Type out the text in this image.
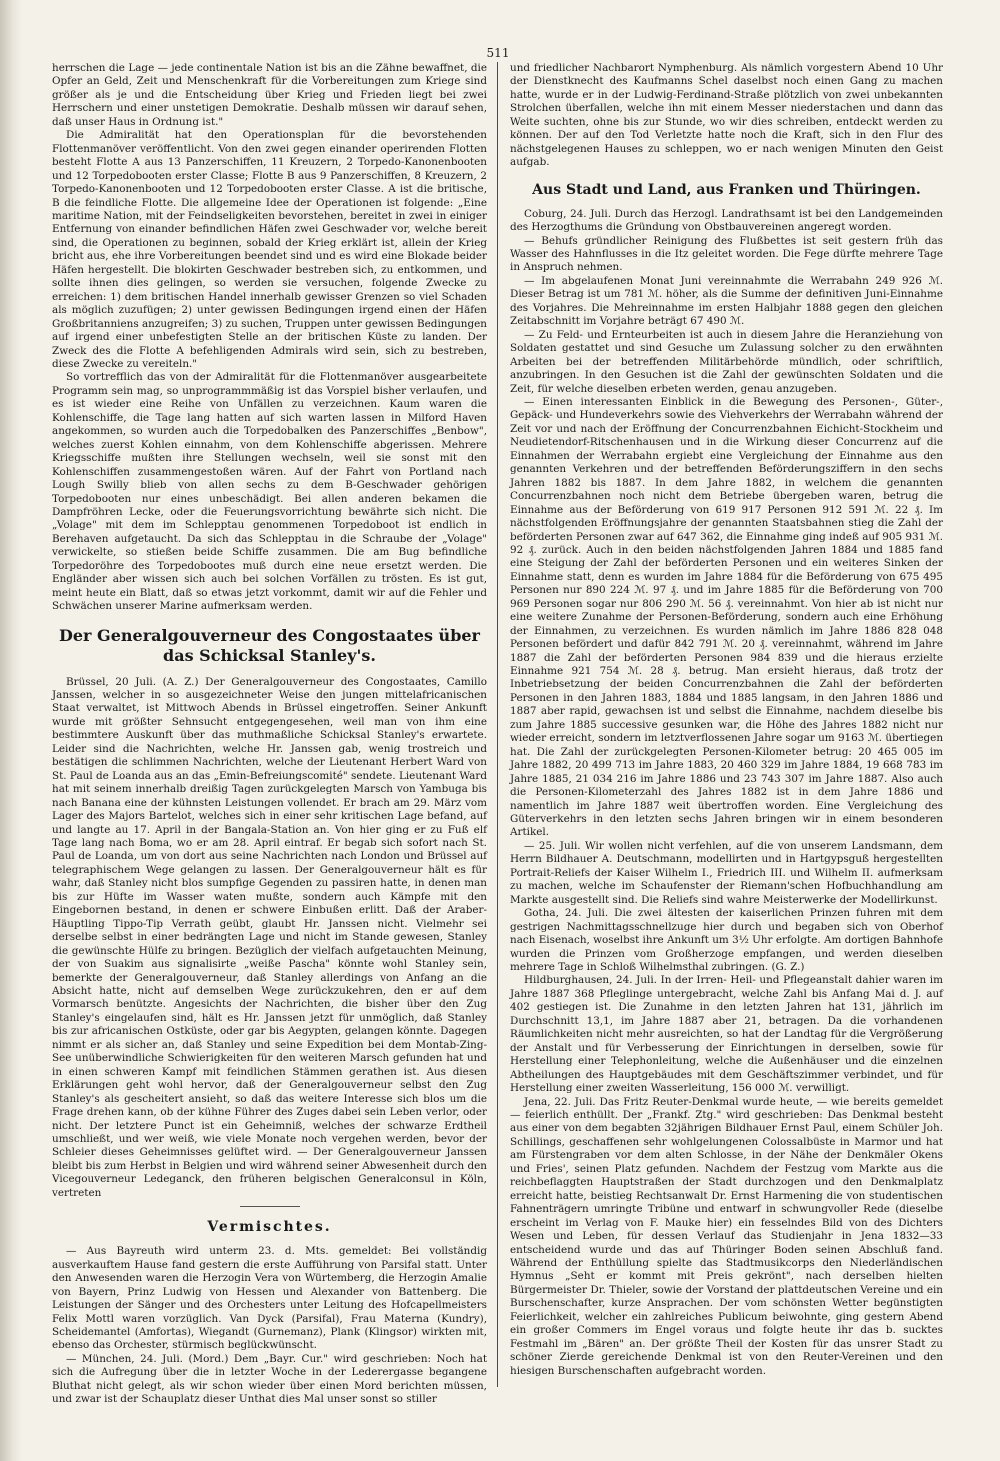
511

herrschen die Lage — jede continentale Nation ist bis an die Zähne bewaffnet, die Opfer an Geld, Zeit und Menschenkraft für die Vorbereitungen zum Kriege sind größer als je und die Entscheidung über Krieg und Frieden liegt bei zwei Herrschern und einer unstetigen Demokratie. Deshalb müssen wir darauf sehen, daß unser Haus in Ordnung ist."

Die Admiralität hat den Operationsplan für die bevorstehenden Flottenmanöver veröffentlicht. Von den zwei gegen einander operirenden Flotten besteht Flotte A aus 13 Panzerschiffen, 11 Kreuzern, 2 Torpedo-Kanonenbooten und 12 Torpedobooten erster Classe; Flotte B aus 9 Panzerschiffen, 8 Kreuzern, 2 Torpedo-Kanonenbooten und 12 Torpedobooten erster Classe. A ist die britische, B die feindliche Flotte. Die allgemeine Idee der Operationen ist folgende: „Eine maritime Nation, mit der Feindseligkeiten bevorstehen, bereitet in zwei in einiger Entfernung von einander befindlichen Häfen zwei Geschwader vor, welche bereit sind, die Operationen zu beginnen, sobald der Krieg erklärt ist, allein der Krieg bricht aus, ehe ihre Vorbereitungen beendet sind und es wird eine Blokade beider Häfen hergestellt. Die blokirten Geschwader bestreben sich, zu entkommen, und sollte ihnen dies gelingen, so werden sie versuchen, folgende Zwecke zu erreichen: 1) dem britischen Handel innerhalb gewisser Grenzen so viel Schaden als möglich zuzufügen; 2) unter gewissen Bedingungen irgend einen der Häfen Großbritanniens anzugreifen; 3) zu suchen, Truppen unter gewissen Bedingungen auf irgend einer unbefestigten Stelle an der britischen Küste zu landen. Der Zweck des die Flotte A befehligenden Admirals wird sein, sich zu bestreben, diese Zwecke zu vereiteln."

So vortrefflich das von der Admiralität für die Flottenmanöver ausgearbeitete Programm sein mag, so unprogrammmäßig ist das Vorspiel bisher verlaufen, und es ist wieder eine Reihe von Unfällen zu verzeichnen. Kaum waren die Kohlenschiffe, die Tage lang hatten auf sich warten lassen in Milford Haven angekommen, so wurden auch die Torpedobalken des Panzerschiffes „Benbow", welches zuerst Kohlen einnahm, von dem Kohlenschiffe abgerissen. Mehrere Kriegsschiffe mußten ihre Stellungen wechseln, weil sie sonst mit den Kohlenschiffen zusammengestoßen wären. Auf der Fahrt von Portland nach Lough Swilly blieb von allen sechs zu dem B-Geschwader gehörigen Torpedobooten nur eines unbeschädigt. Bei allen anderen bekamen die Dampfröhren Lecke, oder die Feuerungsvorrichtung bewährte sich nicht. Die „Volage" mit dem im Schlepptau genommenen Torpedoboot ist endlich in Berehaven aufgetaucht. Da sich das Schlepptau in die Schraube der „Volage" verwickelte, so stießen beide Schiffe zusammen. Die am Bug befindliche Torpedoröhre des Torpedobootes muß durch eine neue ersetzt werden. Die Engländer aber wissen sich auch bei solchen Vorfällen zu trösten. Es ist gut, meint heute ein Blatt, daß so etwas jetzt vorkommt, damit wir auf die Fehler und Schwächen unserer Marine aufmerksam werden.

Der Generalgouverneur des Congostaates über das Schicksal Stanley's.

Brüssel, 20 Juli. (A. Z.) Der Generalgouverneur des Congostaates, Camillo Janssen, welcher in so ausgezeichneter Weise den jungen mittelafricanischen Staat verwaltet, ist Mittwoch Abends in Brüssel eingetroffen. Seiner Ankunft wurde mit größter Sehnsucht entgegengesehen, weil man von ihm eine bestimmtere Auskunft über das muthmaßliche Schicksal Stanley's erwartete. Leider sind die Nachrichten, welche Hr. Janssen gab, wenig trostreich und bestätigen die schlimmen Nachrichten, welche der Lieutenant Herbert Ward von St. Paul de Loanda aus an das „Emin-Befreiungscomité" sendete. Lieutenant Ward hat mit seinem innerhalb dreißig Tagen zurückgelegten Marsch von Yambuga bis nach Banana eine der kühnsten Leistungen vollendet. Er brach am 29. März vom Lager des Majors Bartelot, welches sich in einer sehr kritischen Lage befand, auf und langte au 17. April in der Bangala-Station an. Von hier ging er zu Fuß elf Tage lang nach Boma, wo er am 28. April eintraf. Er begab sich sofort nach St. Paul de Loanda, um von dort aus seine Nachrichten nach London und Brüssel auf telegraphischem Wege gelangen zu lassen. Der Generalgouverneur hält es für wahr, daß Stanley nicht blos sumpfige Gegenden zu passiren hatte, in denen man bis zur Hüfte im Wasser waten mußte, sondern auch Kämpfe mit den Eingebornen bestand, in denen er schwere Einbußen erlitt. Daß der Araber-Häuptling Tippo-Tip Verrath geübt, glaubt Hr. Janssen nicht. Vielmehr sei derselbe selbst in einer bedrängten Lage und nicht im Stande gewesen, Stanley die gewünschte Hülfe zu bringen. Bezüglich der vielfach aufgetauchten Meinung, der von Suakim aus signalisirte „weiße Pascha" könnte wohl Stanley sein, bemerkte der Generalgouverneur, daß Stanley allerdings von Anfang an die Absicht hatte, nicht auf demselben Wege zurückzukehren, den er auf dem Vormarsch benützte. Angesichts der Nachrichten, die bisher über den Zug Stanley's eingelaufen sind, hält es Hr. Janssen jetzt für unmöglich, daß Stanley bis zur africanischen Ostküste, oder gar bis Aegypten, gelangen könnte. Dagegen nimmt er als sicher an, daß Stanley und seine Expedition bei dem Montab-Zing-See unüberwindliche Schwierigkeiten für den weiteren Marsch gefunden hat und in einen schweren Kampf mit feindlichen Stämmen gerathen ist. Aus diesen Erklärungen geht wohl hervor, daß der Generalgouverneur selbst den Zug Stanley's als gescheitert ansieht, so daß das weitere Interesse sich blos um die Frage drehen kann, ob der kühne Führer des Zuges dabei sein Leben verlor, oder nicht. Der letztere Punct ist ein Geheimniß, welches der schwarze Erdtheil umschließt, und wer weiß, wie viele Monate noch vergehen werden, bevor der Schleier dieses Geheimnisses gelüftet wird. — Der Generalgouverneur Janssen bleibt bis zum Herbst in Belgien und wird während seiner Abwesenheit durch den Vicegouverneur Ledeganck, den früheren belgischen Generalconsul in Köln, vertreten

Vermischtes.

— Aus Bayreuth wird unterm 23. d. Mts. gemeldet: Bei vollständig ausverkauftem Hause fand gestern die erste Aufführung von Parsifal statt. Unter den Anwesenden waren die Herzogin Vera von Würtemberg, die Herzogin Amalie von Bayern, Prinz Ludwig von Hessen und Alexander von Battenberg. Die Leistungen der Sänger und des Orchesters unter Leitung des Hofcapellmeisters Felix Mottl waren vorzüglich. Van Dyck (Parsifal), Frau Materna (Kundry), Scheidemantel (Amfortas), Wiegandt (Gurnemanz), Plank (Klingsor) wirkten mit, ebenso das Orchester, stürmisch beglückwünscht.

— München, 24. Juli. (Mord.) Dem „Bayr. Cur." wird geschrieben: Noch hat sich die Aufregung über die in letzter Woche in der Lederergasse begangene Bluthat nicht gelegt, als wir schon wieder über einen Mord berichten müssen, und zwar ist der Schauplatz dieser Unthat dies Mal unser sonst so stiller

und friedlicher Nachbarort Nymphenburg. Als nämlich vorgestern Abend 10 Uhr der Dienstknecht des Kaufmanns Schel daselbst noch einen Gang zu machen hatte, wurde er in der Ludwig-Ferdinand-Straße plötzlich von zwei unbekannten Strolchen überfallen, welche ihn mit einem Messer niederstachen und dann das Weite suchten, ohne bis zur Stunde, wo wir dies schreiben, entdeckt werden zu können. Der auf den Tod Verletzte hatte noch die Kraft, sich in den Flur des nächstgelegenen Hauses zu schleppen, wo er nach wenigen Minuten den Geist aufgab.

Aus Stadt und Land, aus Franken und Thüringen.

Coburg, 24. Juli. Durch das Herzogl. Landrathsamt ist bei den Landgemeinden des Herzogthums die Gründung von Obstbauvereinen angeregt worden.

— Behufs gründlicher Reinigung des Flußbettes ist seit gestern früh das Wasser des Hahnflusses in die Itz geleitet worden. Die Fege dürfte mehrere Tage in Anspruch nehmen.

— Im abgelaufenen Monat Juni vereinnahmte die Werrabahn 249 926 ℳ. Dieser Betrag ist um 781 ℳ. höher, als die Summe der definitiven Juni-Einnahme des Vorjahres. Die Mehreinnahme im ersten Halbjahr 1888 gegen den gleichen Zeitabschnitt im Vorjahre beträgt 67 490 ℳ.

— Zu Feld- und Ernteurbeiten ist auch in diesem Jahre die Heranziehung von Soldaten gestattet und sind Gesuche um Zulassung solcher zu den erwähnten Arbeiten bei der betreffenden Militärbehörde mündlich, oder schriftlich, anzubringen. In den Gesuchen ist die Zahl der gewünschten Soldaten und die Zeit, für welche dieselben erbeten werden, genau anzugeben.

— Einen interessanten Einblick in die Bewegung des Personen-, Güter-, Gepäck- und Hundeverkehrs sowie des Viehverkehrs der Werrabahn während der Zeit vor und nach der Eröffnung der Concurrenzbahnen Eichicht-Stockheim und Neudietendorf-Ritschenhausen und in die Wirkung dieser Concurrenz auf die Einnahmen der Werrabahn ergiebt eine Vergleichung der Einnahme aus den genannten Verkehren und der betreffenden Beförderungsziffern in den sechs Jahren 1882 bis 1887. In dem Jahre 1882, in welchem die genannten Concurrenzbahnen noch nicht dem Betriebe übergeben waren, betrug die Einnahme aus der Beförderung von 619 917 Personen 912 591 ℳ. 22 ₰. Im nächstfolgenden Eröffnungsjahre der genannten Staatsbahnen stieg die Zahl der beförderten Personen zwar auf 647 362, die Einnahme ging indeß auf 905 931 ℳ. 92 ₰. zurück. Auch in den beiden nächstfolgenden Jahren 1884 und 1885 fand eine Steigung der Zahl der beförderten Personen und ein weiteres Sinken der Einnahme statt, denn es wurden im Jahre 1884 für die Beförderung von 675 495 Personen nur 890 224 ℳ. 97 ₰. und im Jahre 1885 für die Beförderung von 700 969 Personen sogar nur 806 290 ℳ. 56 ₰. vereinnahmt. Von hier ab ist nicht nur eine weitere Zunahme der Personen-Beförderung, sondern auch eine Erhöhung der Einnahmen, zu verzeichnen. Es wurden nämlich im Jahre 1886 828 048 Personen befördert und dafür 842 791 ℳ. 20 ₰. vereinnahmt, während im Jahre 1887 die Zahl der beförderten Personen 984 839 und die hieraus erzielte Einnahme 921 754 ℳ. 28 ₰. betrug. Man ersieht hieraus, daß trotz der Inbetriebsetzung der beiden Concurrenzbahnen die Zahl der beförderten Personen in den Jahren 1883, 1884 und 1885 langsam, in den Jahren 1886 und 1887 aber rapid, gewachsen ist und selbst die Einnahme, nachdem dieselbe bis zum Jahre 1885 successive gesunken war, die Höhe des Jahres 1882 nicht nur wieder erreicht, sondern im letztverflossenen Jahre sogar um 9163 ℳ. übertiegen hat. Die Zahl der zurückgelegten Personen-Kilometer betrug: 20 465 005 im Jahre 1882, 20 499 713 im Jahre 1883, 20 460 329 im Jahre 1884, 19 668 783 im Jahre 1885, 21 034 216 im Jahre 1886 und 23 743 307 im Jahre 1887. Also auch die Personen-Kilometerzahl des Jahres 1882 ist in dem Jahre 1886 und namentlich im Jahre 1887 weit übertroffen worden. Eine Vergleichung des Güterverkehrs in den letzten sechs Jahren bringen wir in einem besonderen Artikel.

— 25. Juli. Wir wollen nicht verfehlen, auf die von unserem Landsmann, dem Herrn Bildhauer A. Deutschmann, modellirten und in Hartgypsguß hergestellten Portrait-Reliefs der Kaiser Wilhelm I., Friedrich III. und Wilhelm II. aufmerksam zu machen, welche im Schaufenster der Riemann'schen Hofbuchhandlung am Markte ausgestellt sind. Die Reliefs sind wahre Meisterwerke der Modellirkunst.

Gotha, 24. Juli. Die zwei ältesten der kaiserlichen Prinzen fuhren mit dem gestrigen Nachmittagsschnellzuge hier durch und begaben sich von Oberhof nach Eisenach, woselbst ihre Ankunft um 3½ Uhr erfolgte. Am dortigen Bahnhofe wurden die Prinzen vom Großherzoge empfangen, und werden dieselben mehrere Tage in Schloß Wilhelmsthal zubringen. (G. Z.)

Hildburghausen, 24. Juli. In der Irren- Heil- und Pflegeanstalt dahier waren im Jahre 1887 368 Pfleglinge untergebracht, welche Zahl bis Anfang Mai d. J. auf 402 gestiegen ist. Die Zunahme in den letzten Jahren hat 131, jährlich im Durchschnitt 13,1, im Jahre 1887 aber 21, betragen. Da die vorhandenen Räumlichkeiten nicht mehr ausreichten, so hat der Landtag für die Vergrößerung der Anstalt und für Verbesserung der Einrichtungen in derselben, sowie für Herstellung einer Telephonleitung, welche die Außenhäuser und die einzelnen Abtheilungen des Hauptgebäudes mit dem Geschäftszimmer verbindet, und für Herstellung einer zweiten Wasserleitung, 156 000 ℳ. verwilligt.

Jena, 22. Juli. Das Fritz Reuter-Denkmal wurde heute, — wie bereits gemeldet — feierlich enthüllt. Der „Frankf. Ztg." wird geschrieben: Das Denkmal besteht aus einer von dem begabten 32jährigen Bildhauer Ernst Paul, einem Schüler Joh. Schillings, geschaffenen sehr wohlgelungenen Colossalbüste in Marmor und hat am Fürstengraben vor dem alten Schlosse, in der Nähe der Denkmäler Okens und Fries', seinen Platz gefunden. Nachdem der Festzug vom Markte aus die reichbeflaggten Hauptstraßen der Stadt durchzogen und den Denkmalplatz erreicht hatte, beistieg Rechtsanwalt Dr. Ernst Harmening die von studentischen Fahnenträgern umringte Tribüne und entwarf in schwungvoller Rede (dieselbe erscheint im Verlag von F. Mauke hier) ein fesselndes Bild von des Dichters Wesen und Leben, für dessen Verlauf das Studienjahr in Jena 1832—33 entscheidend wurde und das auf Thüringer Boden seinen Abschluß fand. Während der Enthüllung spielte das Stadtmusikcorps den Niederländischen Hymnus „Seht er kommt mit Preis gekrönt", nach derselben hielten Bürgermeister Dr. Thieler, sowie der Vorstand der plattdeutschen Vereine und ein Burschenschafter, kurze Ansprachen. Der vom schönsten Wetter begünstigten Feierlichkeit, welcher ein zahlreiches Publicum beiwohnte, ging gestern Abend ein großer Commers im Engel voraus und folgte heute ihr das b. sucktes Festmahl im „Bären" an. Der größte Theil der Kosten für das unsrer Stadt zu schöner Zierde gereichende Denkmal ist von den Reuter-Vereinen und den hiesigen Burschenschaften aufgebracht worden.
